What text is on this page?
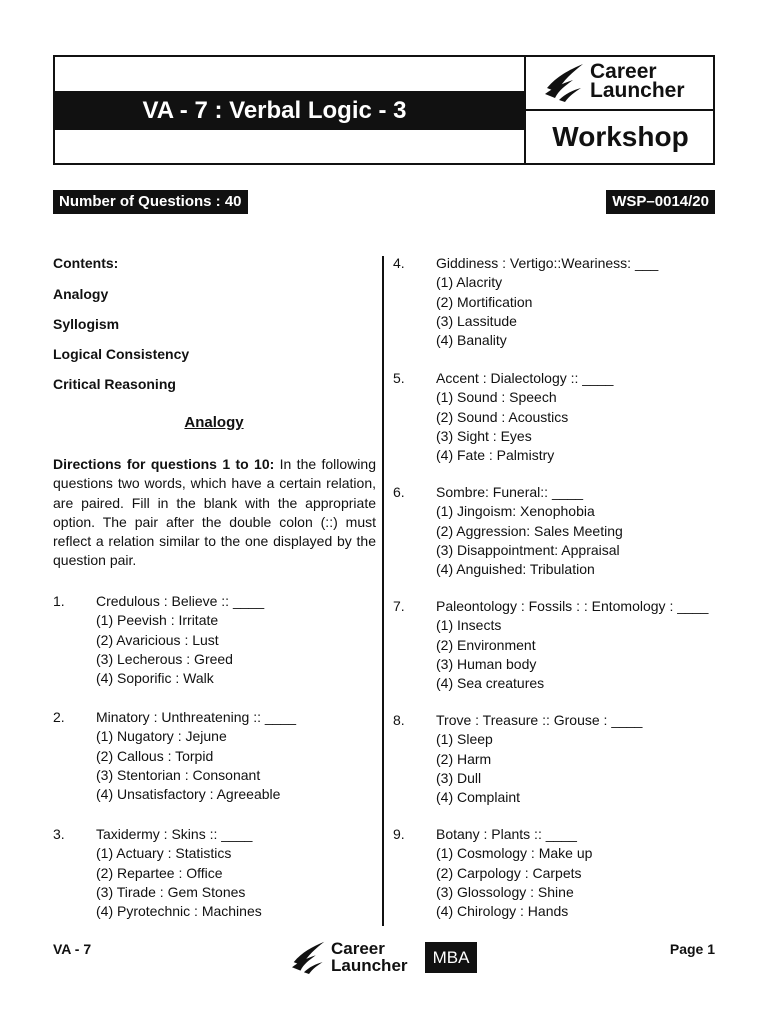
VA - 7 : Verbal Logic - 3
Career
Launcher
Workshop
Number of Questions : 40	WSP–0014/20
Contents:
Analogy
Syllogism
Logical Consistency
Critical Reasoning
Analogy
Directions for questions 1 to 10: In the following questions two words, which have a certain relation, are paired. Fill in the blank with the appropriate option. The pair after the double colon (::) must reflect a relation similar to the one displayed by the question pair.
1. Credulous : Believe :: ____
(1) Peevish : Irritate
(2) Avaricious : Lust
(3) Lecherous : Greed
(4) Soporific : Walk
2. Minatory : Unthreatening :: ____
(1) Nugatory : Jejune
(2) Callous : Torpid
(3) Stentorian : Consonant
(4) Unsatisfactory : Agreeable
3. Taxidermy : Skins :: ____
(1) Actuary : Statistics
(2) Repartee : Office
(3) Tirade : Gem Stones
(4) Pyrotechnic : Machines
4. Giddiness : Vertigo::Weariness: ___
(1) Alacrity
(2) Mortification
(3) Lassitude
(4) Banality
5. Accent : Dialectology :: ____
(1) Sound : Speech
(2) Sound : Acoustics
(3) Sight : Eyes
(4) Fate : Palmistry
6. Sombre: Funeral:: ____
(1) Jingoism: Xenophobia
(2) Aggression: Sales Meeting
(3) Disappointment: Appraisal
(4) Anguished: Tribulation
7. Paleontology : Fossils : : Entomology : ____
(1) Insects
(2) Environment
(3) Human body
(4) Sea creatures
8. Trove : Treasure :: Grouse : ____
(1) Sleep
(2) Harm
(3) Dull
(4) Complaint
9. Botany : Plants :: ____
(1) Cosmology : Make up
(2) Carpology : Carpets
(3) Glossology : Shine
(4) Chirology : Hands
VA - 7	Career
Launcher	MBA	Page 1
